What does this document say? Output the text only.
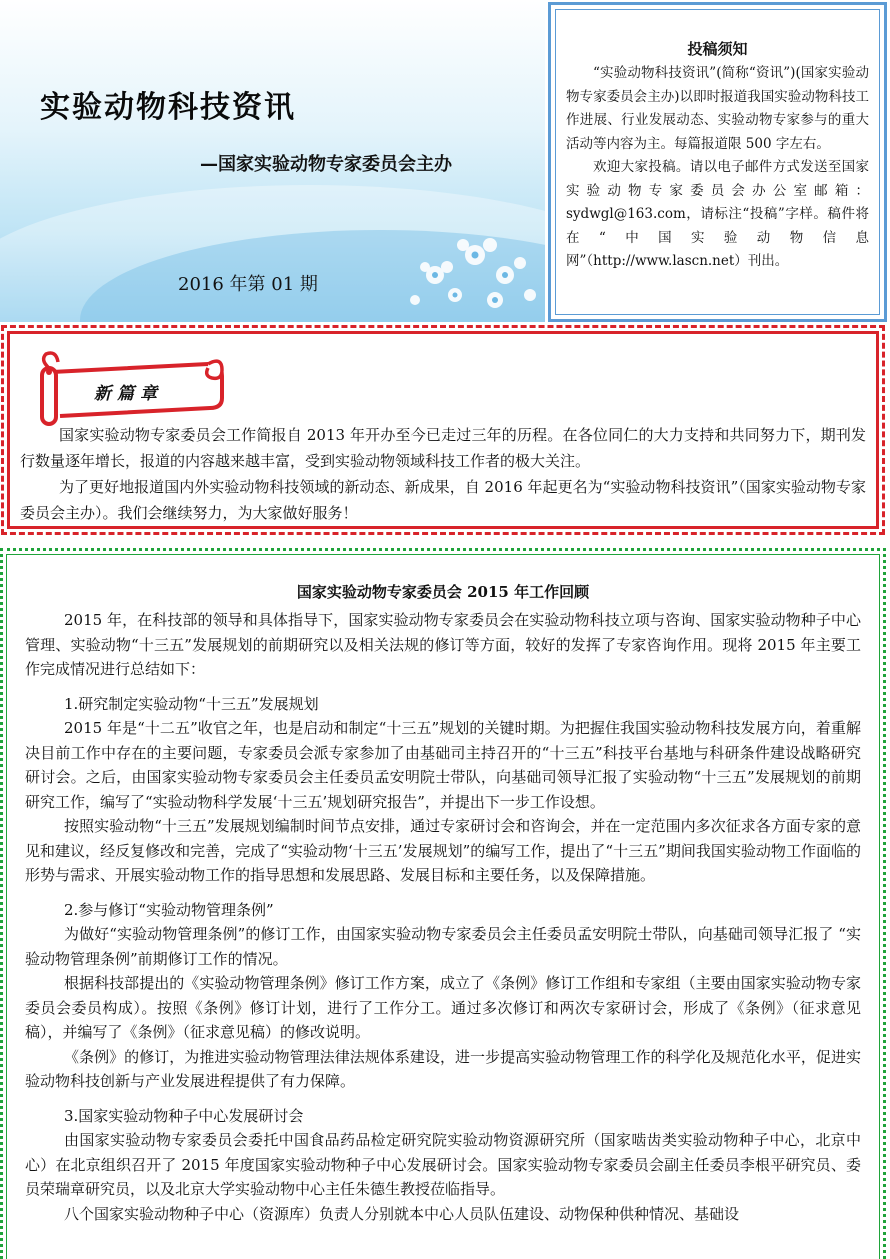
实验动物科技资讯
—国家实验动物专家委员会主办
2016 年第 01 期
投稿须知

“实验动物科技资讯”(简称“资讯”)(国家实验动物专家委员会主办)以即时报道我国实验动物科技工作进展、行业发展动态、实验动物专家参与的重大活动等内容为主。每篇报道限 500 字左右。

欢迎大家投稿。请以电子邮件方式发送至国家实验动物专家委员会办公室邮箱：sydwgl@163.com，请标注“投稿”字样。稿件将在“中国实验动物信息网”（http://www.lascn.net）刊出。

新篇章

国家实验动物专家委员会工作简报自 2013 年开办至今已走过三年的历程。在各位同仁的大力支持和共同努力下，期刊发行数量逐年增长，报道的内容越来越丰富，受到实验动物领域科技工作者的极大关注。

为了更好地报道国内外实验动物科技领域的新动态、新成果，自 2016 年起更名为“实验动物科技资讯”（国家实验动物专家委员会主办）。我们会继续努力，为大家做好服务！

国家实验动物专家委员会 2015 年工作回顾

2015 年，在科技部的领导和具体指导下，国家实验动物专家委员会在实验动物科技立项与咨询、国家实验动物种子中心管理、实验动物“十三五”发展规划的前期研究以及相关法规的修订等方面，较好的发挥了专家咨询作用。现将 2015 年主要工作完成情况进行总结如下：

1.研究制定实验动物“十三五”发展规划

2015 年是“十二五”收官之年，也是启动和制定“十三五”规划的关键时期。为把握住我国实验动物科技发展方向，着重解决目前工作中存在的主要问题，专家委员会派专家参加了由基础司主持召开的“十三五”科技平台基地与科研条件建设战略研究研讨会。之后，由国家实验动物专家委员会主任委员孟安明院士带队，向基础司领导汇报了实验动物“十三五”发展规划的前期研究工作，编写了“实验动物科学发展‘十三五’规划研究报告”，并提出下一步工作设想。

按照实验动物“十三五”发展规划编制时间节点安排，通过专家研讨会和咨询会，并在一定范围内多次征求各方面专家的意见和建议，经反复修改和完善，完成了“实验动物‘十三五’发展规划”的编写工作，提出了“十三五”期间我国实验动物工作面临的形势与需求、开展实验动物工作的指导思想和发展思路、发展目标和主要任务，以及保障措施。

2.参与修订“实验动物管理条例”

为做好“实验动物管理条例”的修订工作，由国家实验动物专家委员会主任委员孟安明院士带队，向基础司领导汇报了 “实验动物管理条例”前期修订工作的情况。

根据科技部提出的《实验动物管理条例》修订工作方案，成立了《条例》修订工作组和专家组（主要由国家实验动物专家委员会委员构成）。按照《条例》修订计划，进行了工作分工。通过多次修订和两次专家研讨会，形成了《条例》（征求意见稿），并编写了《条例》（征求意见稿）的修改说明。

《条例》的修订，为推进实验动物管理法律法规体系建设，进一步提高实验动物管理工作的科学化及规范化水平，促进实验动物科技创新与产业发展进程提供了有力保障。

3.国家实验动物种子中心发展研讨会

由国家实验动物专家委员会委托中国食品药品检定研究院实验动物资源研究所（国家啮齿类实验动物种子中心，北京中心）在北京组织召开了 2015 年度国家实验动物种子中心发展研讨会。国家实验动物专家委员会副主任委员李根平研究员、委员荣瑞章研究员，以及北京大学实验动物中心主任朱德生教授莅临指导。

八个国家实验动物种子中心（资源库）负责人分别就本中心人员队伍建设、动物保种供种情况、基础设
